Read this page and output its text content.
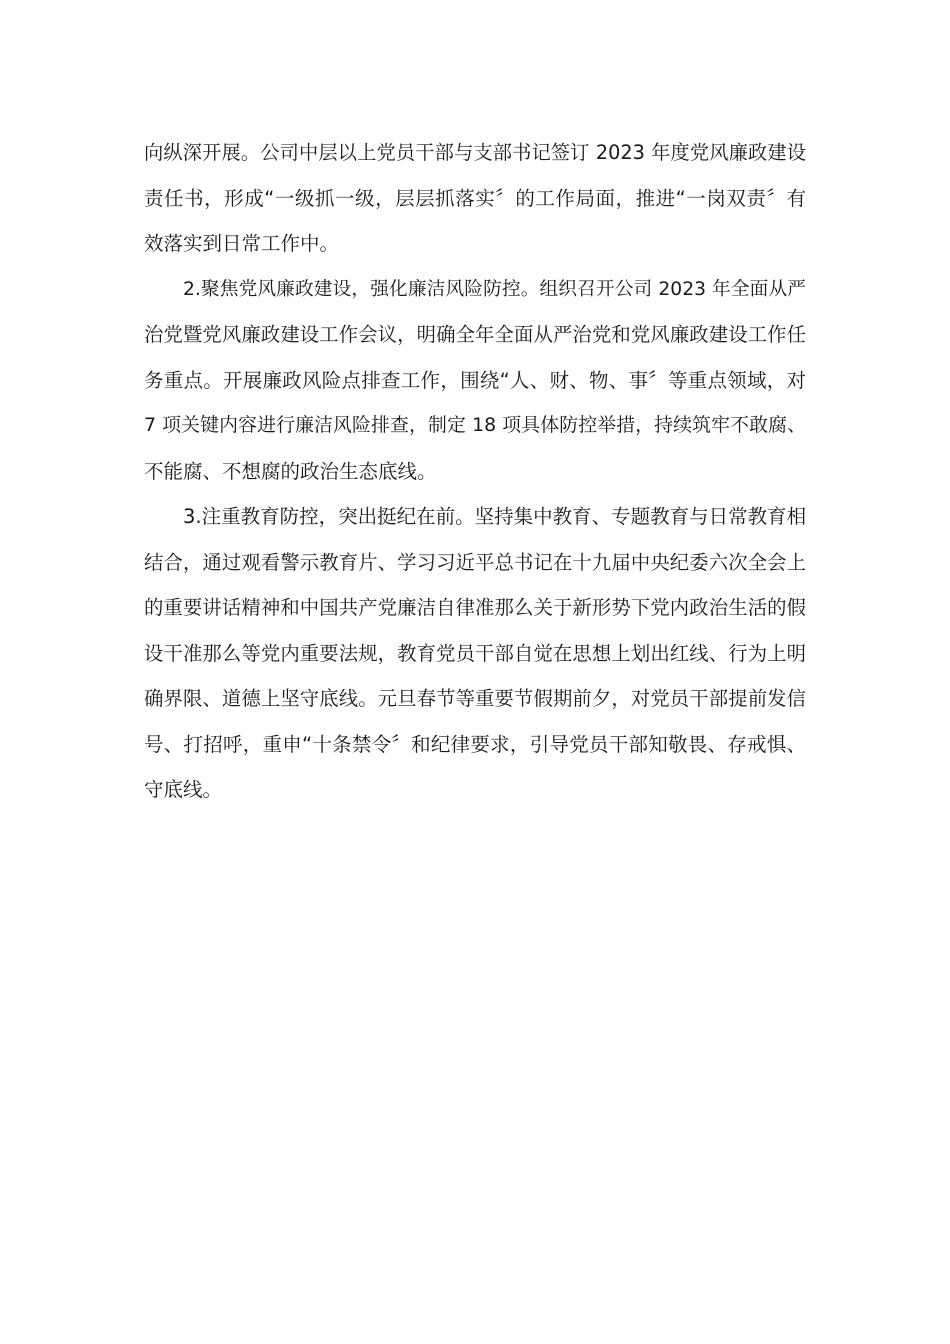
向纵深开展。公司中层以上党员干部与支部书记签订 2023 年度党风廉政建设
责任书，形成“一级抓一级，层层抓落实〞的工作局面，推进“一岗双责〞有
效落实到日常工作中。

2.聚焦党风廉政建设，强化廉洁风险防控。组织召开公司 2023 年全面从严
治党暨党风廉政建设工作会议，明确全年全面从严治党和党风廉政建设工作任
务重点。开展廉政风险点排查工作，围绕“人、财、物、事〞等重点领域，对
7 项关键内容进行廉洁风险排查，制定 18 项具体防控举措，持续筑牢不敢腐、
不能腐、不想腐的政治生态底线。

3.注重教育防控，突出挺纪在前。坚持集中教育、专题教育与日常教育相
结合，通过观看警示教育片、学习习近平总书记在十九届中央纪委六次全会上
的重要讲话精神和中国共产党廉洁自律准那么关于新形势下党内政治生活的假
设干准那么等党内重要法规，教育党员干部自觉在思想上划出红线、行为上明
确界限、道德上坚守底线。元旦春节等重要节假期前夕，对党员干部提前发信
号、打招呼，重申“十条禁令〞和纪律要求，引导党员干部知敬畏、存戒惧、
守底线。
